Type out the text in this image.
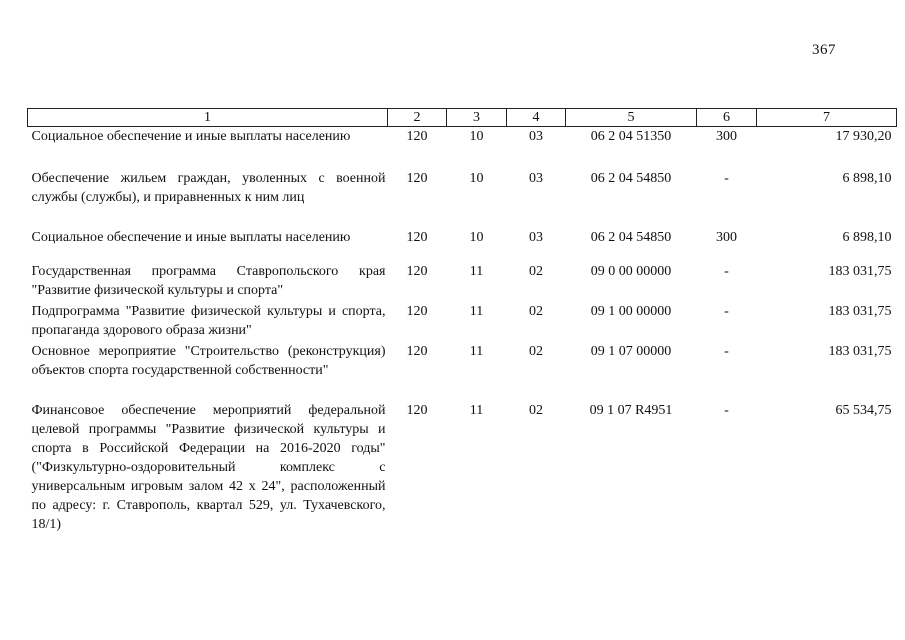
367
1	2	3	4	5	6	7
Социальное обеспечение и иные выплаты населению	120	10	03	06 2 04 51350	300	17 930,20
Обеспечение жильем граждан, уволенных с военной службы (службы), и приравненных к ним лиц	120	10	03	06 2 04 54850	-	6 898,10
Социальное обеспечение и иные выплаты населению	120	10	03	06 2 04 54850	300	6 898,10
Государственная программа Ставропольского края "Развитие физической культуры и спорта"	120	11	02	09 0 00 00000	-	183 031,75
Подпрограмма "Развитие физической культуры и спорта, пропаганда здорового образа жизни"	120	11	02	09 1 00 00000	-	183 031,75
Основное мероприятие "Строительство (реконструкция) объектов спорта государственной собственности"	120	11	02	09 1 07 00000	-	183 031,75
Финансовое обеспечение мероприятий федеральной целевой программы "Развитие физической культуры и спорта в Российской Федерации на 2016-2020 годы" ("Физкультурно-оздоровительный комплекс с универсальным игровым залом 42 х 24", расположенный по адресу: г. Ставрополь, квартал 529, ул. Тухачевского, 18/1)	120	11	02	09 1 07 R4951	-	65 534,75
